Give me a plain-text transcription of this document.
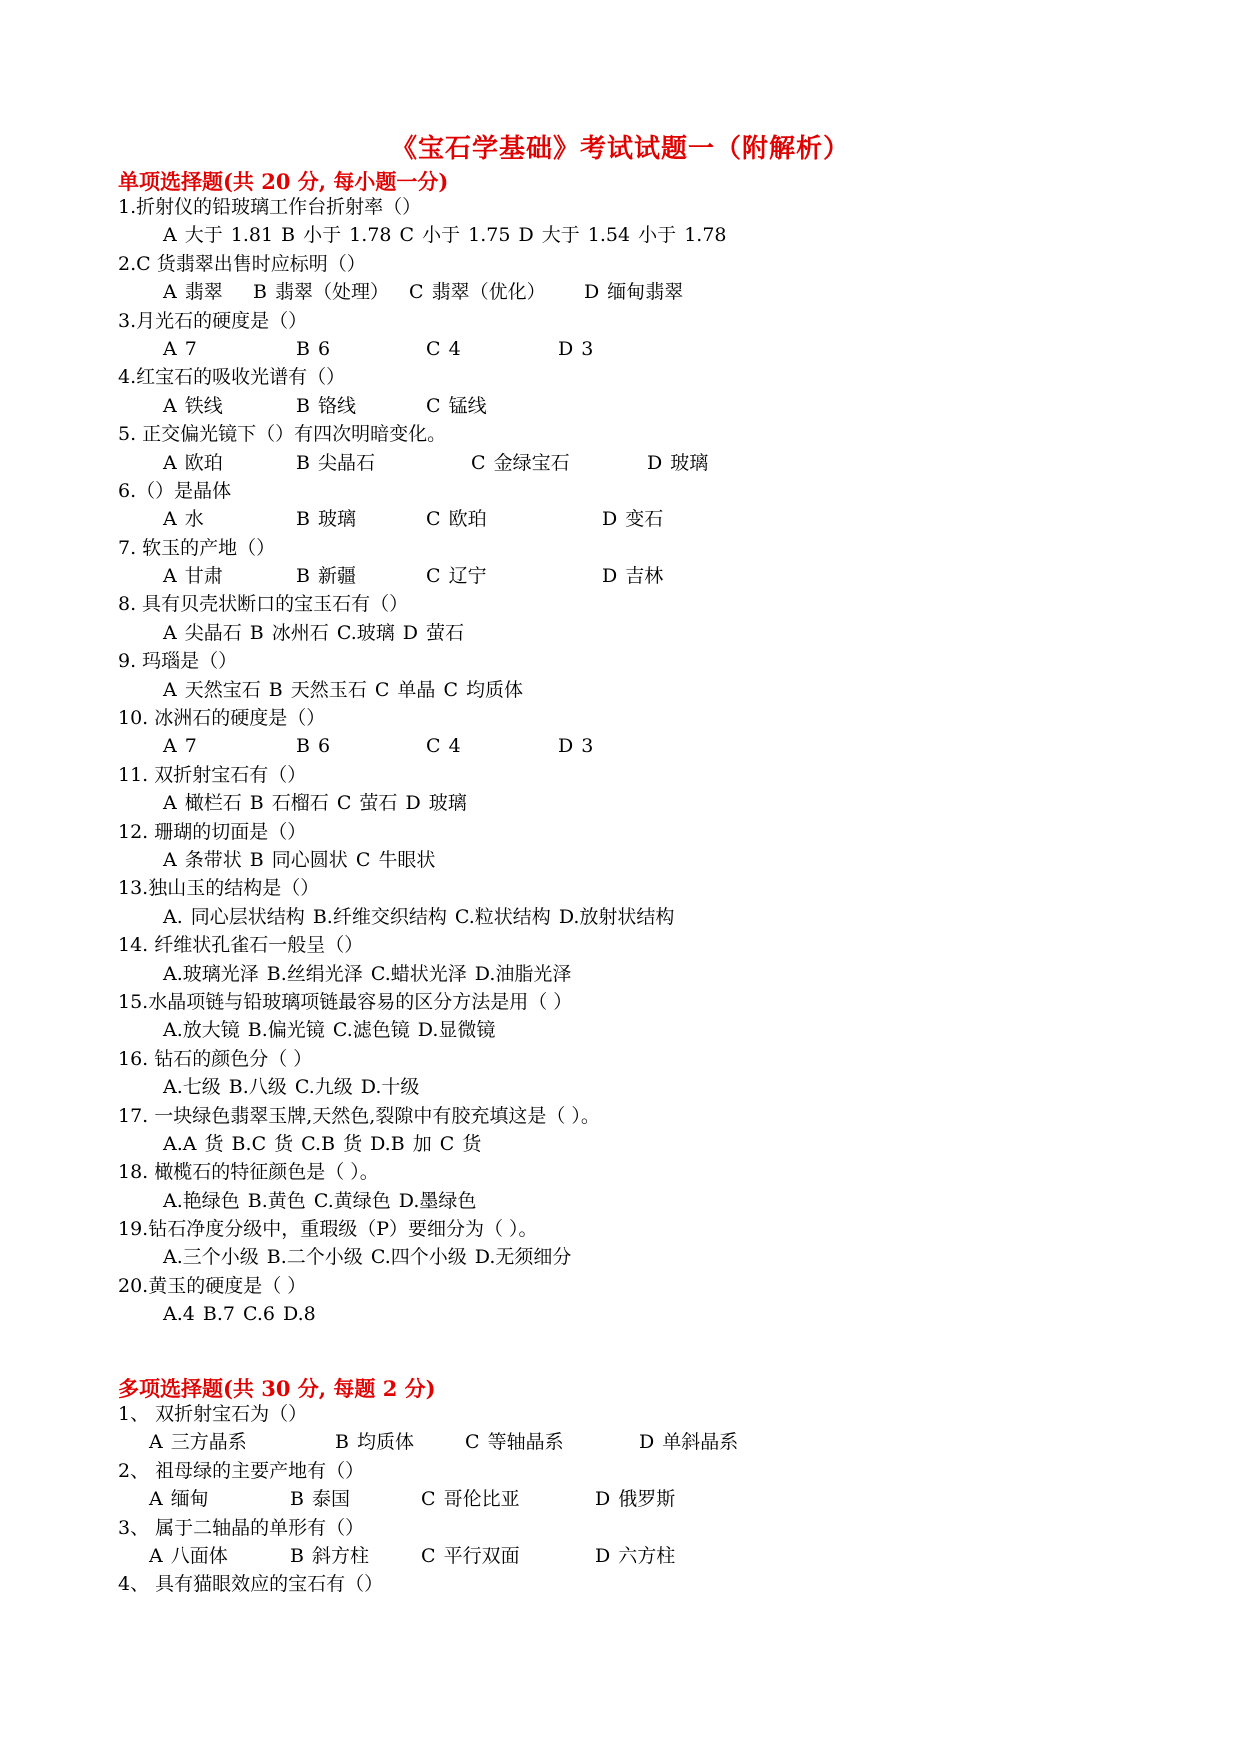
《宝石学基础》考试试题一（附解析）
单项选择题(共 20 分, 每小题一分)
1.折射仪的铅玻璃工作台折射率（）
A 大于 1.81 B 小于 1.78 C 小于 1.75 D 大于 1.54 小于 1.78
2.C 货翡翠出售时应标明（）
A 翡翠 B 翡翠（处理） C 翡翠（优化） D 缅甸翡翠
3.月光石的硬度是（）
A 7	B 6	C 4	D 3
4.红宝石的吸收光谱有（）
A 铁线	B 铬线	C 锰线
5. 正交偏光镜下（）有四次明暗变化。
A 欧珀	B 尖晶石	C 金绿宝石	D 玻璃
6.（）是晶体
A 水	B 玻璃	C 欧珀	D 变石
7. 软玉的产地（）
A 甘肃	B 新疆	C 辽宁	D 吉林
8. 具有贝壳状断口的宝玉石有（）
A 尖晶石 B 冰州石 C.玻璃 D 萤石
9. 玛瑙是（）
A 天然宝石 B 天然玉石 C 单晶 C 均质体
10. 冰洲石的硬度是（）
A 7	B 6	C 4	D 3
11. 双折射宝石有（）
A 橄栏石 B 石榴石 C 萤石 D 玻璃
12. 珊瑚的切面是（）
A 条带状 B 同心圆状 C 牛眼状
13.独山玉的结构是（）
A. 同心层状结构 B.纤维交织结构 C.粒状结构 D.放射状结构
14. 纤维状孔雀石一般呈（）
A.玻璃光泽 B.丝绢光泽 C.蜡状光泽 D.油脂光泽
15.水晶项链与铅玻璃项链最容易的区分方法是用（ ）
A.放大镜 B.偏光镜 C.滤色镜 D.显微镜
16. 钻石的颜色分（ ）
A.七级 B.八级 C.九级 D.十级
17. 一块绿色翡翠玉牌,天然色,裂隙中有胶充填这是（ ）。
A.A 货 B.C 货 C.B 货 D.B 加 C 货
18. 橄榄石的特征颜色是（ ）。
A.艳绿色 B.黄色 C.黄绿色 D.墨绿色
19.钻石净度分级中，重瑕级（P）要细分为（ ）。
A.三个小级 B.二个小级 C.四个小级 D.无须细分
20.黄玉的硬度是（ ）
A.4 B.7 C.6 D.8
多项选择题(共 30 分, 每题 2 分)
1、 双折射宝石为（）
A 三方晶系	B 均质体	C 等轴晶系	D 单斜晶系
2、 祖母绿的主要产地有（）
A 缅甸	B 泰国	C 哥伦比亚	D 俄罗斯
3、 属于二轴晶的单形有（）
A 八面体	B 斜方柱	C 平行双面	D 六方柱
4、 具有猫眼效应的宝石有（）
